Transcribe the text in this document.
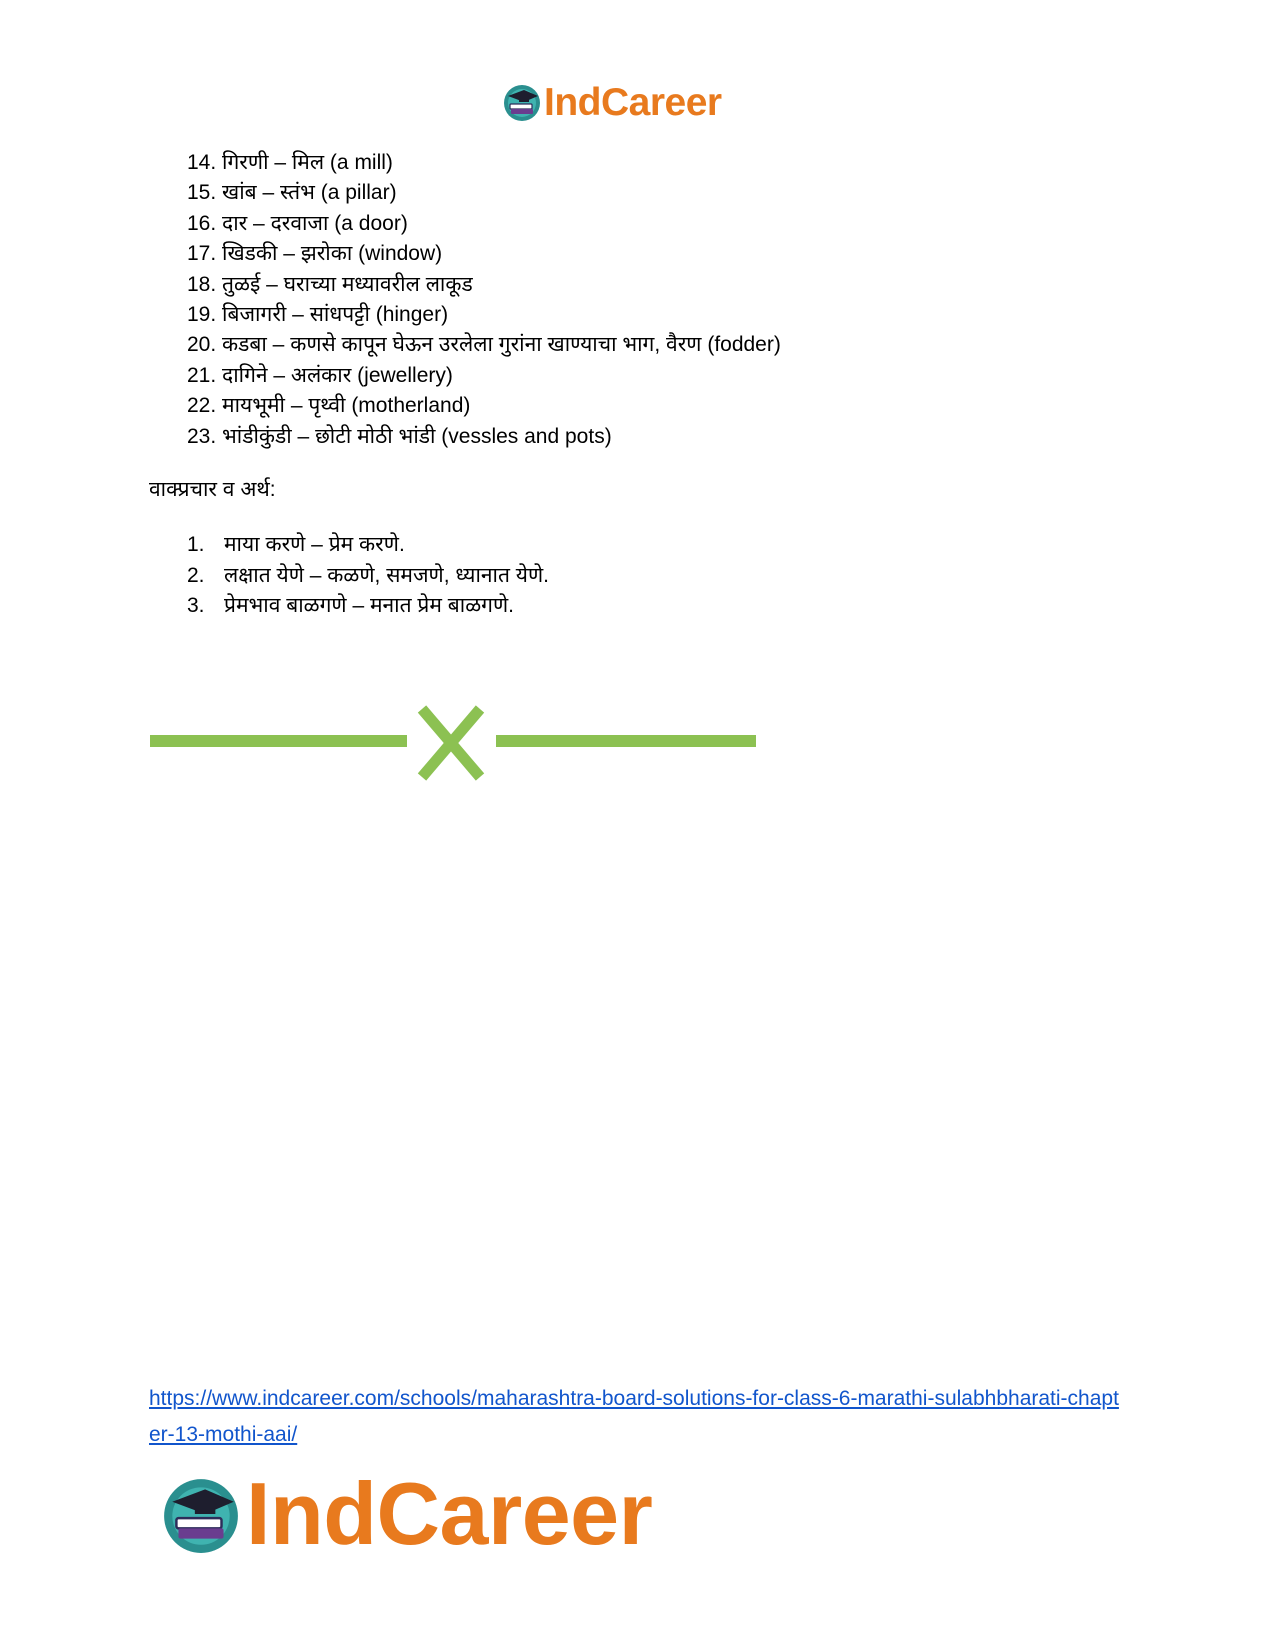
IndCareer
14. गिरणी – मिल (a mill)
15. खांब – स्तंभ (a pillar)
16. दार – दरवाजा (a door)
17. खिडकी – झरोका (window)
18. तुळई – घराच्या मध्यावरील लाकूड
19. बिजागरी – सांधपट्टी (hinger)
20. कडबा – कणसे कापून घेऊन उरलेला गुरांना खाण्याचा भाग, वैरण (fodder)
21. दागिने – अलंकार (jewellery)
22. मायभूमी – पृथ्वी (motherland)
23. भांडीकुंडी – छोटी मोठी भांडी (vessles and pots)
वाक्प्रचार व अर्थ:
1. माया करणे – प्रेम करणे.
2. लक्षात येणे – कळणे, समजणे, ध्यानात येणे.
3. प्रेमभाव बाळगणे – मनात प्रेम बाळगणे.
https://www.indcareer.com/schools/maharashtra-board-solutions-for-class-6-marathi-sulabhbharati-chapter-13-mothi-aai/
IndCareer
